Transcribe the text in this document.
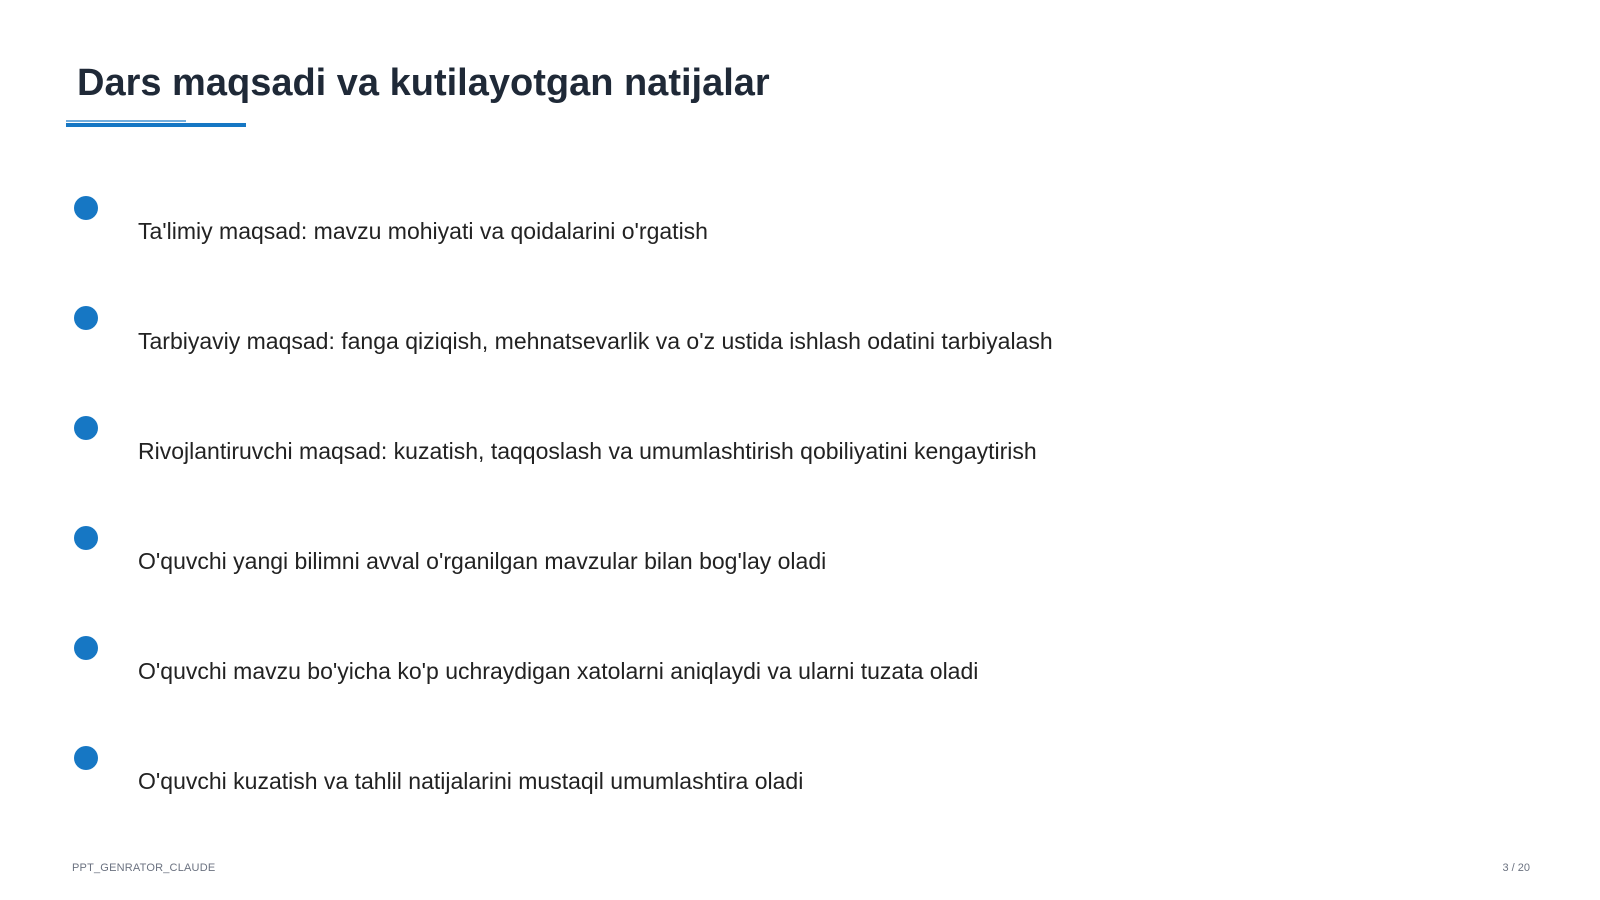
Dars maqsadi va kutilayotgan natijalar
Ta'limiy maqsad: mavzu mohiyati va qoidalarini o'rgatish
Tarbiyaviy maqsad: fanga qiziqish, mehnatsevarlik va o'z ustida ishlash odatini tarbiyalash
Rivojlantiruvchi maqsad: kuzatish, taqqoslash va umumlashtirish qobiliyatini kengaytirish
O'quvchi yangi bilimni avval o'rganilgan mavzular bilan bog'lay oladi
O'quvchi mavzu bo'yicha ko'p uchraydigan xatolarni aniqlaydi va ularni tuzata oladi
O'quvchi kuzatish va tahlil natijalarini mustaqil umumlashtira oladi
PPT_GENRATOR_CLAUDE	3 / 20
